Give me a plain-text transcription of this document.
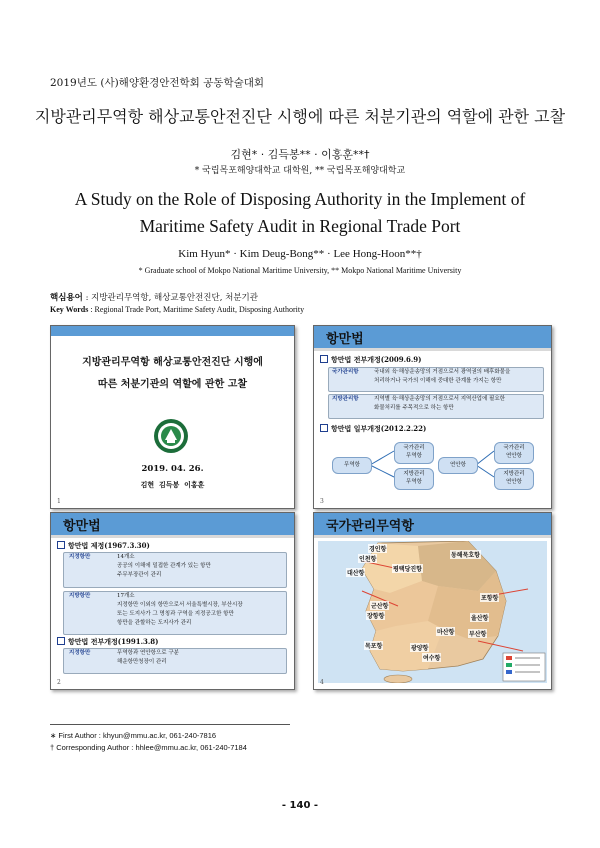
2019년도 (사)해양환경안전학회 공동학술대회
지방관리무역항 해상교통안전진단 시행에 따른 처분기관의 역할에 관한 고찰
김현* · 김득봉** · 이홍훈**†
* 국립목포해양대학교 대학원, ** 국립목포해양대학교
A Study on the Role of Disposing Authority in the Implement of
Maritime Safety Audit in Regional Trade Port
Kim Hyun* · Kim Deug-Bong** · Lee Hong-Hoon**†
* Graduate school of Mokpo National Maritime University, ** Mokpo National Maritime University
핵심용어 : 지방관리무역항, 해상교통안전진단, 처분기관
Key Words : Regional Trade Port, Maritime Safety Audit, Disposing Authority
지방관리무역항 해상교통안전진단 시행에
따른 처분기관의 역할에 관한 고찰
2019. 04. 26.
김현  김득봉  이홍훈
1
항만법
항만법 전부개정(2009.6.9)
국가관리항	국내외 육·해상운송망의 거점으로서 광역권의 배후화물을
처리하거나 국가의 이해에 중대한 관계를 가지는 항만
지방관리항	지역별 육·해상운송망의 거점으로서 지역산업에 필요한
화물처리를 주목적으로 하는 항만
항만법 일부개정(2012.2.22)
무역항
국가관리
무역항
지방관리
무역항
연안항
국가관리
연안항
지방관리
연안항
3
항만법
항만법 제정(1967.3.30)
지정항만	14개소
공공의 이해에 밀접한 관계가 있는 항만
주무부장관이 관리
지방항만	17개소
지정항만 이외의 항만으로서 서울특별시장, 부산시장
또는 도지사가 그 명칭과 구역을 지정공고한 항만
항만을 관할하는 도지사가 관리
항만법 전부개정(1991.3.8)
지정항만	무역항과 연안항으로 구분
해운항만청장이 관리
2
국가관리무역항
경인항
인천항
평택당진항
대산항
동해묵호항
군산항
장항항
포항항
울산항
마산항 부산항
목포항
여수항
광양항
4
∗ First Author : khyun@mmu.ac.kr, 061-240-7816
† Corresponding Author : hhlee@mmu.ac.kr, 061-240-7184
- 140 -
